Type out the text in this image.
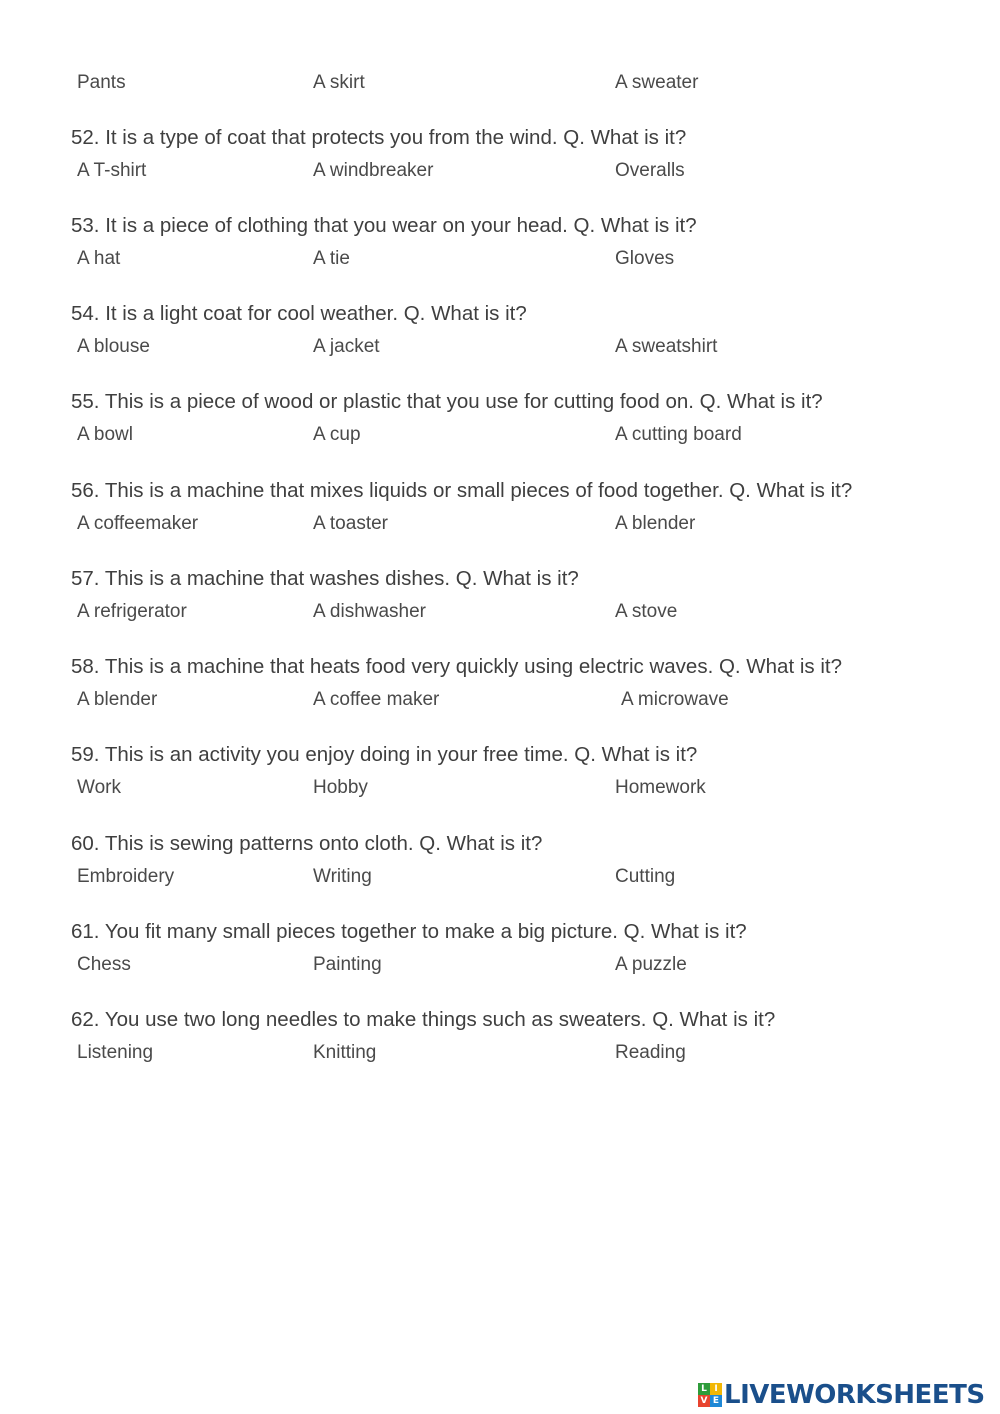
Pants	A skirt	A sweater
52. It is a type of coat that protects you from the wind. Q. What is it?
A T-shirt	A windbreaker	Overalls
53. It is a piece of clothing that you wear on your head. Q. What is it?
A hat	A tie	Gloves
54. It is a light coat for cool weather. Q. What is it?
A blouse	A jacket	A sweatshirt
55. This is a piece of wood or plastic that you use for cutting food on. Q. What is it?
A bowl	A cup	A cutting board
56. This is a machine that mixes liquids or small pieces of food together. Q. What is it?
A coffeemaker	A toaster	A blender
57. This is a machine that washes dishes. Q. What is it?
A refrigerator	A dishwasher	A stove
58. This is a machine that heats food very quickly using electric waves. Q. What is it?
A blender	A coffee maker	A microwave
59. This is an activity you enjoy doing in your free time. Q. What is it?
Work	Hobby	Homework
60. This is sewing patterns onto cloth. Q. What is it?
Embroidery	Writing	Cutting
61. You fit many small pieces together to make a big picture. Q. What is it?
Chess	Painting	A puzzle
62. You use two long needles to make things such as sweaters. Q. What is it?
Listening	Knitting	Reading
L I
V E LIVEWORKSHEETS
